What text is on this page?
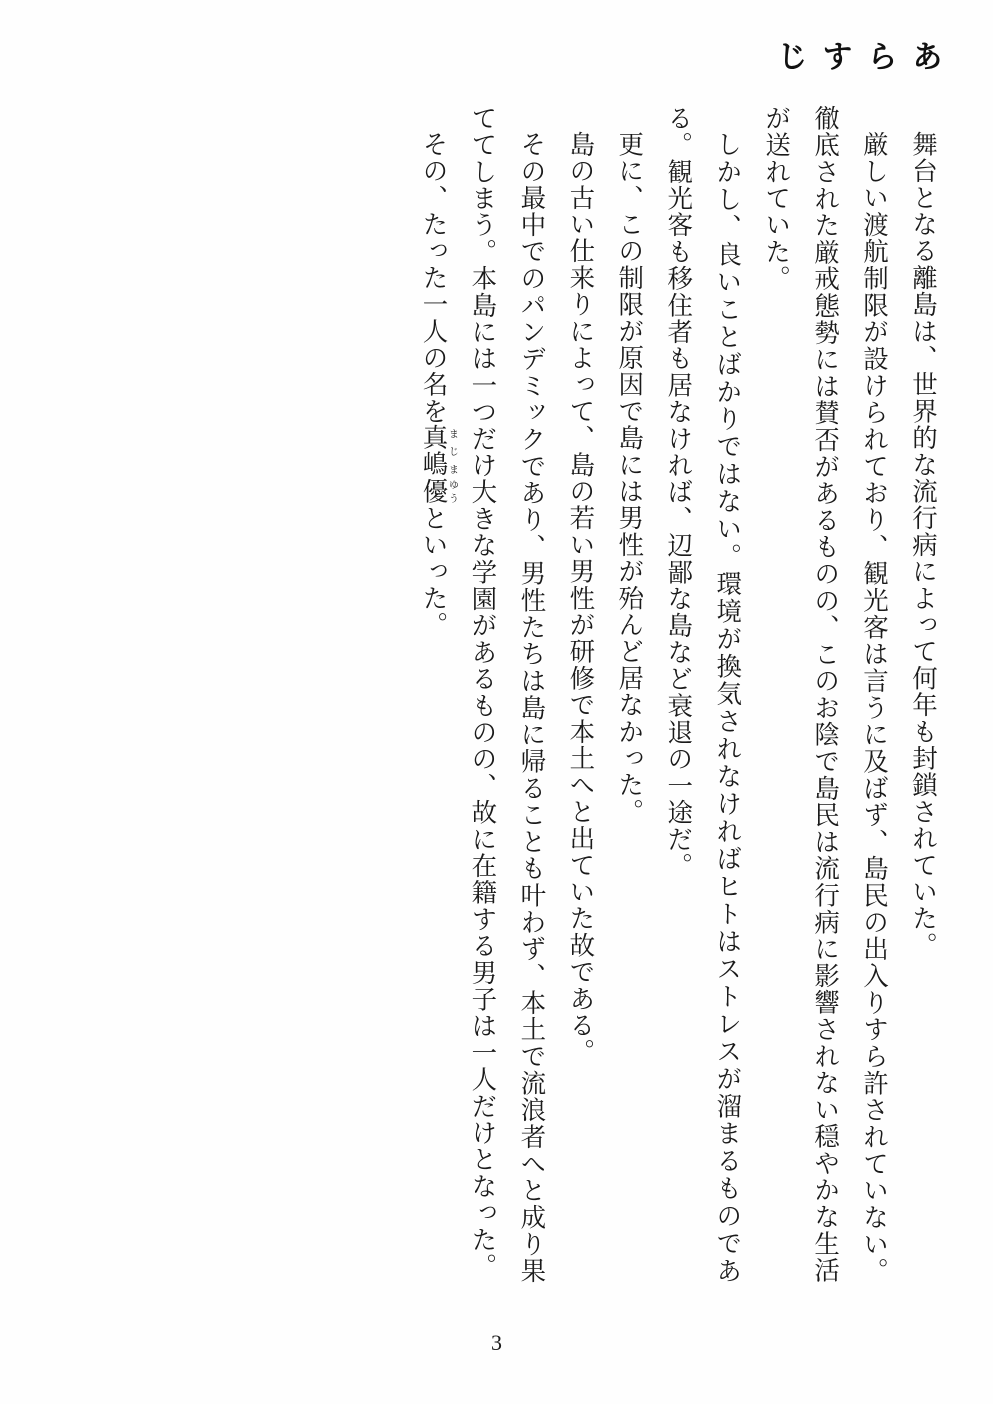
あらすじ

舞台となる離島は、世界的な流行病によって何年も封鎖されていた。

厳しい渡航制限が設けられており、観光客は言うに及ばず、島民の出入りすら許されていない。徹底された厳戒態勢には賛否があるものの、このお陰で島民は流行病に影響されない穏やかな生活が送れていた。

しかし、良いことばかりではない。環境が換気されなければヒトはストレスが溜まるものである。観光客も移住者も居なければ、辺鄙な島など衰退の一途だ。

更に、この制限が原因で島には男性が殆んど居なかった。

島の古い仕来りによって、島の若い男性が研修で本土へと出ていた故である。

その最中でのパンデミックであり、男性たちは島に帰ることも叶わず、本土で流浪者へと成り果ててしまう。本島には一つだけ大きな学園があるものの、故に在籍する男子は一人だけとなった。

その、たった一人の名を真嶋まじま優ゆうといった。

3
